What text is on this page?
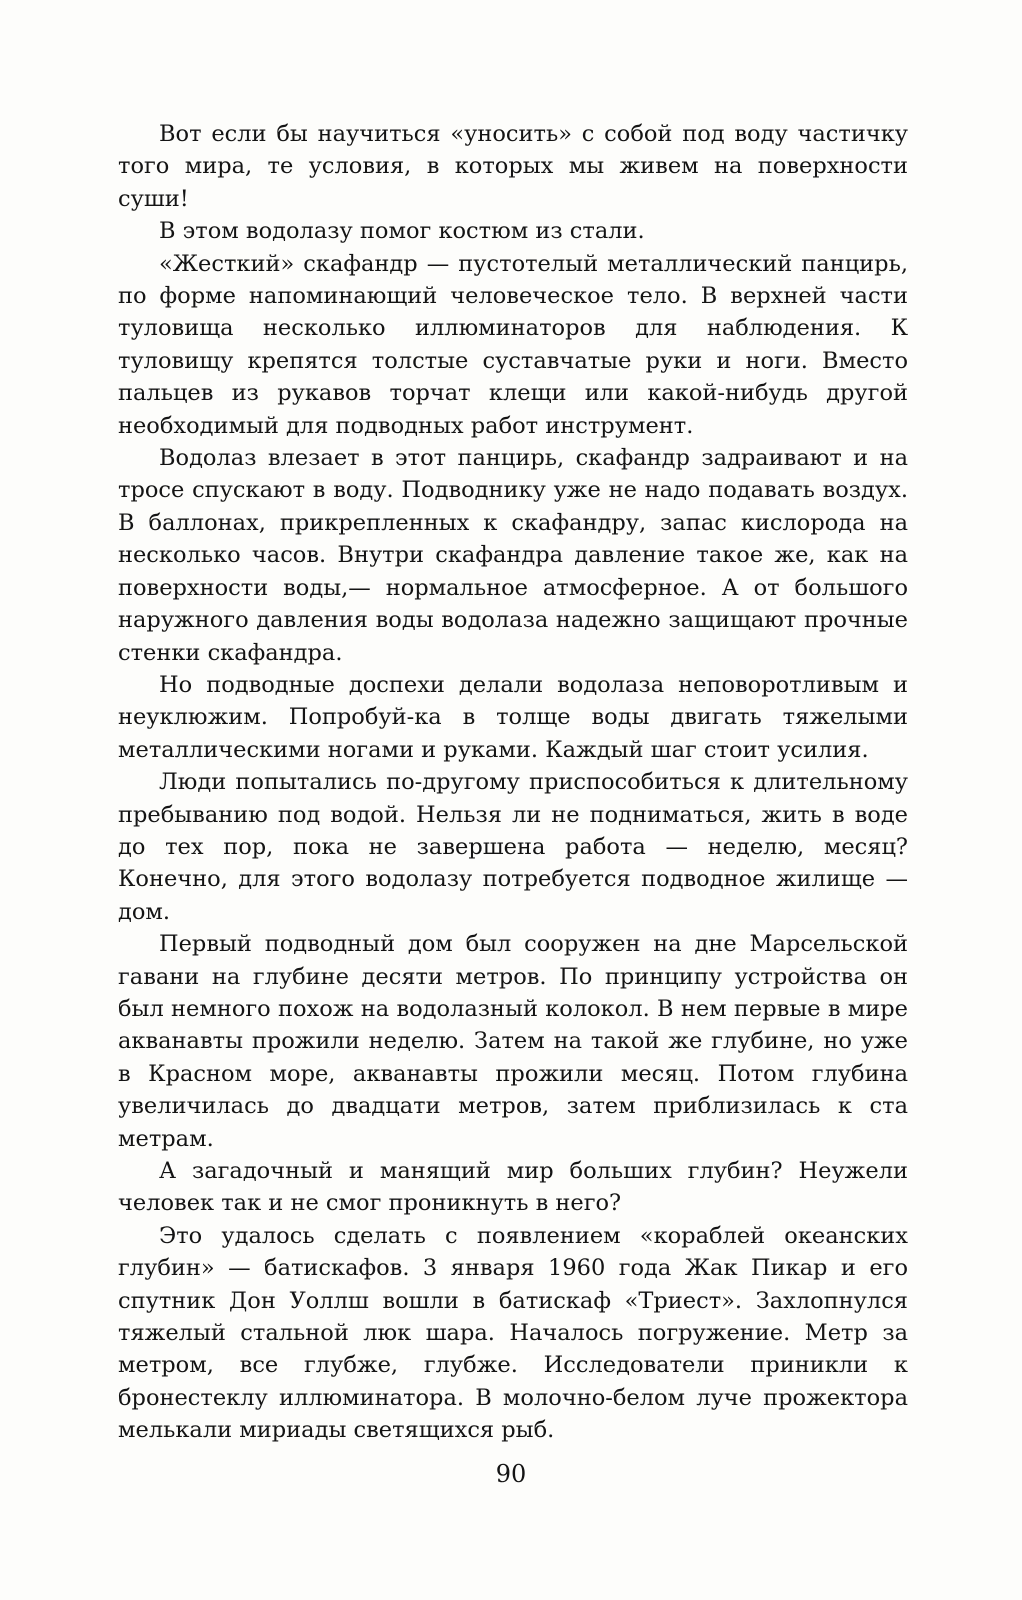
Вот если бы научиться «уносить» с собой под воду частичку того мира, те условия, в которых мы живем на поверхности суши!

В этом водолазу помог костюм из стали.

«Жесткий» скафандр — пустотелый металлический панцирь, по форме напоминающий человеческое тело. В верхней части туловища несколько иллюминаторов для наблюдения. К туловищу крепятся толстые суставчатые руки и ноги. Вместо пальцев из рукавов торчат клещи или какой-нибудь другой необходимый для подводных работ инструмент.

Водолаз влезает в этот панцирь, скафандр задраивают и на тросе спускают в воду. Подводнику уже не надо подавать воздух. В баллонах, прикрепленных к скафандру, запас кислорода на несколько часов. Внутри скафандра давление такое же, как на поверхности воды,— нормальное атмосферное. А от большого наружного давления воды водолаза надежно защищают прочные стенки скафандра.

Но подводные доспехи делали водолаза неповоротливым и неуклюжим. Попробуй-ка в толще воды двигать тяжелыми металлическими ногами и руками. Каждый шаг стоит усилия.

Люди попытались по-другому приспособиться к длительному пребыванию под водой. Нельзя ли не подниматься, жить в воде до тех пор, пока не завершена работа — неделю, месяц? Конечно, для этого водолазу потребуется подводное жилище — дом.

Первый подводный дом был сооружен на дне Марсельской гавани на глубине десяти метров. По принципу устройства он был немного похож на водолазный колокол. В нем первые в мире акванавты прожили неделю. Затем на такой же глубине, но уже в Красном море, акванавты прожили месяц. Потом глубина увеличилась до двадцати метров, затем приблизилась к ста метрам.

А загадочный и манящий мир больших глубин? Неужели человек так и не смог проникнуть в него?

Это удалось сделать с появлением «кораблей океанских глубин» — батискафов. 3 января 1960 года Жак Пикар и его спутник Дон Уоллш вошли в батискаф «Триест». Захлопнулся тяжелый стальной люк шара. Началось погружение. Метр за метром, все глубже, глубже. Исследователи приникли к бронестеклу иллюминатора. В молочно-белом луче прожектора мелькали мириады светящихся рыб.

90
